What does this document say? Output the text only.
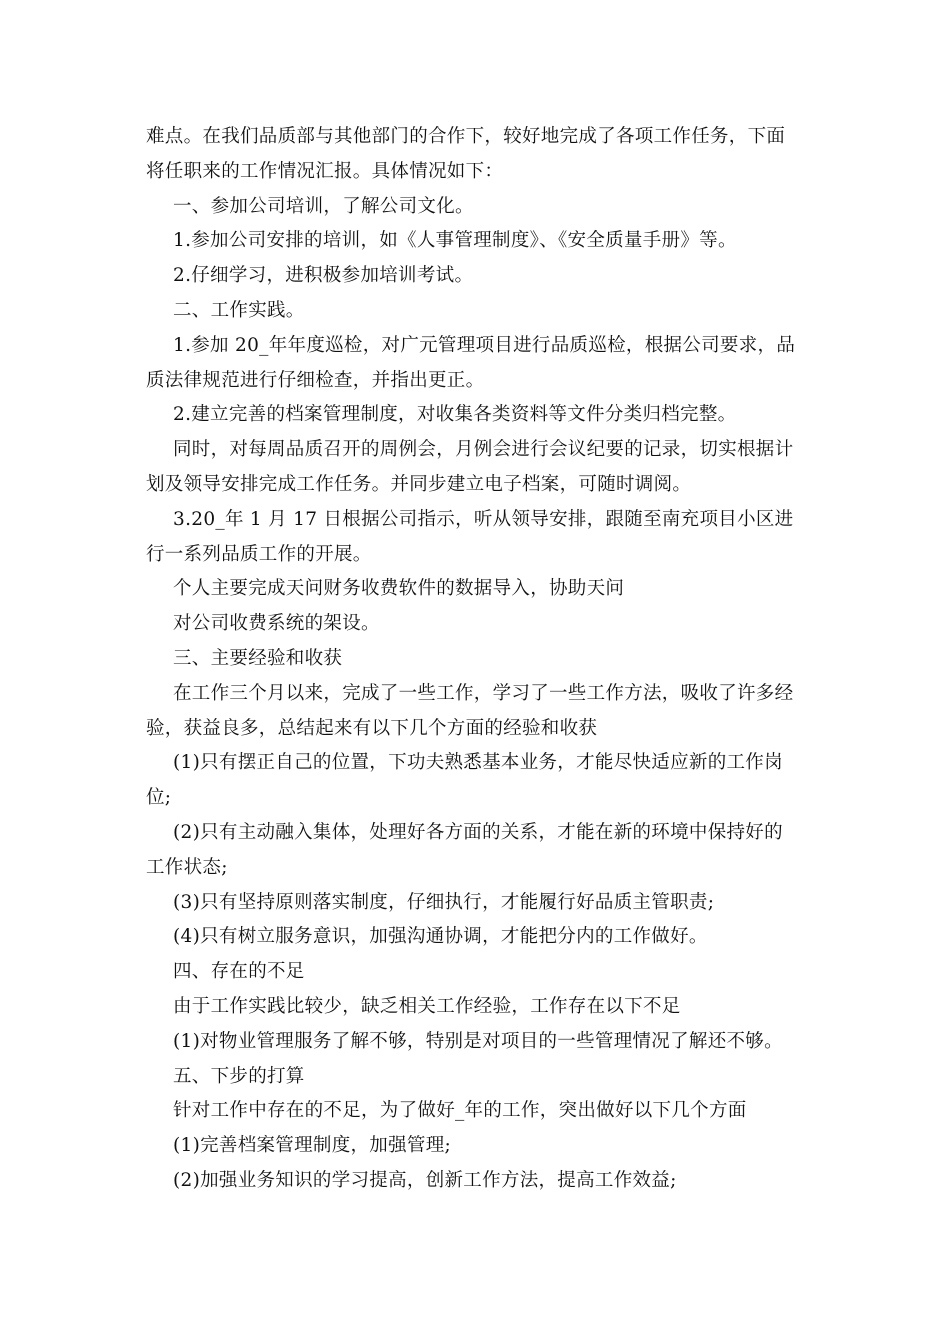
难点。在我们品质部与其他部门的合作下，较好地完成了各项工作任务，下面
将任职来的工作情况汇报。具体情况如下：
一、参加公司培训，了解公司文化。
1.参加公司安排的培训，如《人事管理制度》、《安全质量手册》等。
2.仔细学习，进积极参加培训考试。
二、工作实践。
1.参加 20_年年度巡检，对广元管理项目进行品质巡检，根据公司要求，品
质法律规范进行仔细检查，并指出更正。
2.建立完善的档案管理制度，对收集各类资料等文件分类归档完整。
同时，对每周品质召开的周例会，月例会进行会议纪要的记录，切实根据计
划及领导安排完成工作任务。并同步建立电子档案，可随时调阅。
3.20_年 1 月 17 日根据公司指示，听从领导安排，跟随至南充项目小区进
行一系列品质工作的开展。
个人主要完成天问财务收费软件的数据导入，协助天问
对公司收费系统的架设。
三、主要经验和收获
在工作三个月以来，完成了一些工作，学习了一些工作方法，吸收了许多经
验，获益良多，总结起来有以下几个方面的经验和收获
(1)只有摆正自己的位置，下功夫熟悉基本业务，才能尽快适应新的工作岗
位;
(2)只有主动融入集体，处理好各方面的关系，才能在新的环境中保持好的
工作状态;
(3)只有坚持原则落实制度，仔细执行，才能履行好品质主管职责;
(4)只有树立服务意识，加强沟通协调，才能把分内的工作做好。
四、存在的不足
由于工作实践比较少，缺乏相关工作经验，工作存在以下不足
(1)对物业管理服务了解不够，特别是对项目的一些管理情况了解还不够。
五、下步的打算
针对工作中存在的不足，为了做好_年的工作，突出做好以下几个方面
(1)完善档案管理制度，加强管理;
(2)加强业务知识的学习提高，创新工作方法，提高工作效益;
